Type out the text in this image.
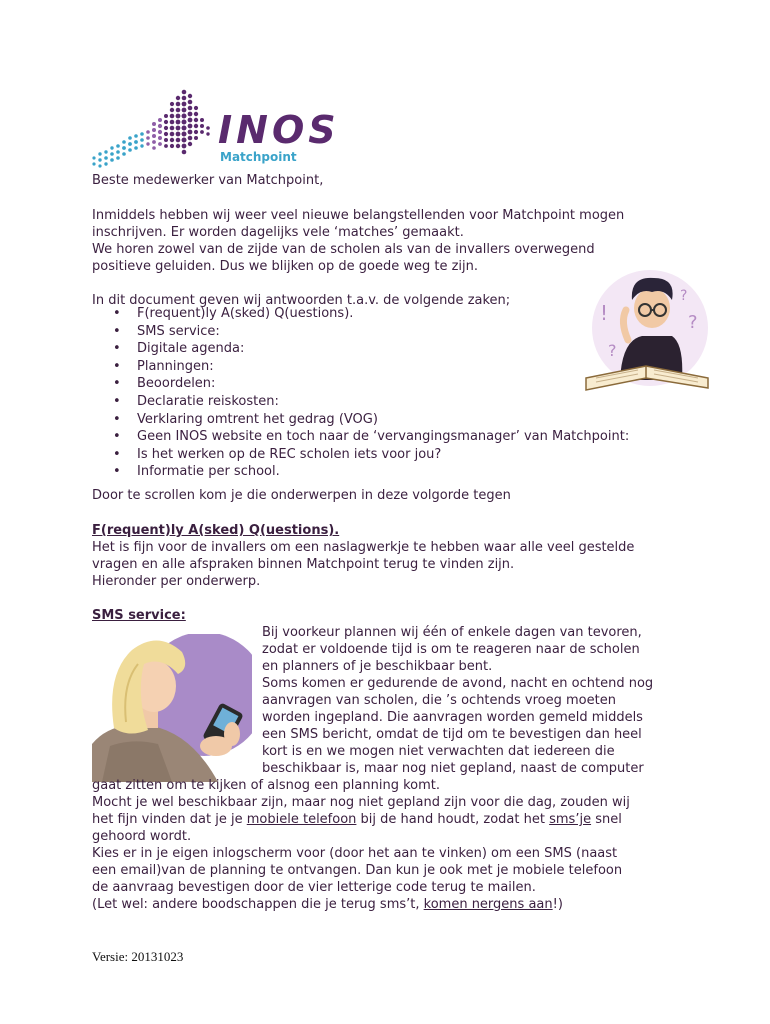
INOS
Matchpoint
Beste medewerker van Matchpoint,
Inmiddels hebben wij weer veel nieuwe belangstellenden voor Matchpoint mogen
inschrijven. Er worden dagelijks vele ‘matches’ gemaakt.
We horen zowel van de zijde van de scholen als van de invallers overwegend
positieve geluiden. Dus we blijken op de goede weg te zijn.
In dit document geven wij antwoorden t.a.v. de volgende zaken;
• F(requent)ly A(sked) Q(uestions).
• SMS service:
• Digitale agenda:
• Planningen:
• Beoordelen:
• Declaratie reiskosten:
• Verklaring omtrent het gedrag (VOG)
• Geen INOS website en toch naar de ‘vervangingsmanager’ van Matchpoint:
• Is het werken op de REC scholen iets voor jou?
• Informatie per school.
Door te scrollen kom je die onderwerpen in deze volgorde tegen
!	?
?
?
F(requent)ly A(sked) Q(uestions).
Het is fijn voor de invallers om een naslagwerkje te hebben waar alle veel gestelde
vragen en alle afspraken binnen Matchpoint terug te vinden zijn.
Hieronder per onderwerp.
SMS service:
Bij voorkeur plannen wij één of enkele dagen van tevoren,
zodat er voldoende tijd is om te reageren naar de scholen
en planners of je beschikbaar bent.
Soms komen er gedurende de avond, nacht en ochtend nog
aanvragen van scholen, die ’s ochtends vroeg moeten
worden ingepland. Die aanvragen worden gemeld middels
een SMS bericht, omdat de tijd om te bevestigen dan heel
kort is en we mogen niet verwachten dat iedereen die
beschikbaar is, maar nog niet gepland, naast de computer
gaat zitten om te kijken of alsnog een planning komt.
Mocht je wel beschikbaar zijn, maar nog niet gepland zijn voor die dag, zouden wij
het fijn vinden dat je je mobiele telefoon bij de hand houdt, zodat het sms’je snel
gehoord wordt.
Kies er in je eigen inlogscherm voor (door het aan te vinken) om een SMS (naast
een email)van de planning te ontvangen. Dan kun je ook met je mobiele telefoon
de aanvraag bevestigen door de vier letterige code terug te mailen.
(Let wel: andere boodschappen die je terug sms’t, komen nergens aan!)
Versie: 20131023
